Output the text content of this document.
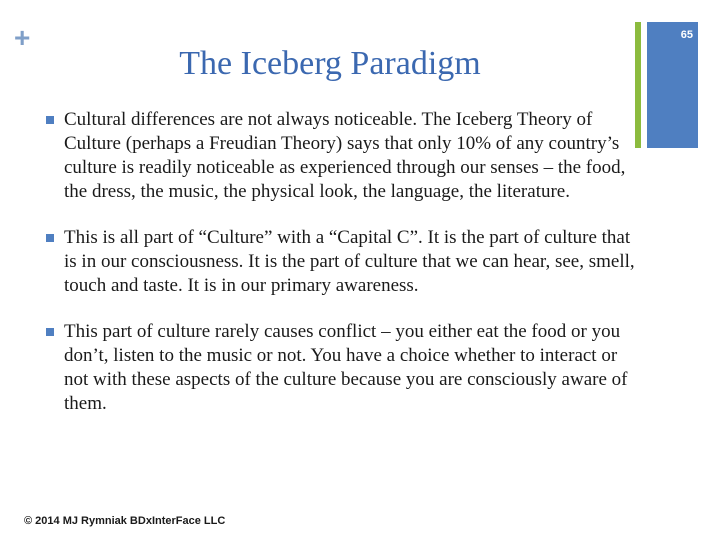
+	65
The Iceberg Paradigm
Cultural differences are not always noticeable. The Iceberg Theory of Culture (perhaps a Freudian Theory) says that only 10% of any country’s culture is readily noticeable as experienced through our senses – the food, the dress, the music, the physical look, the language, the literature.
This is all part of “Culture” with a “Capital C”. It is the part of culture that is in our consciousness. It is the part of culture that we can hear, see, smell, touch and taste. It is in our primary awareness.
This part of culture rarely causes conflict – you either eat the food or you don’t, listen to the music or not. You have a choice whether to interact or not with these aspects of the culture because you are consciously aware of them.
© 2014 MJ Rymniak BDxInterFace LLC
